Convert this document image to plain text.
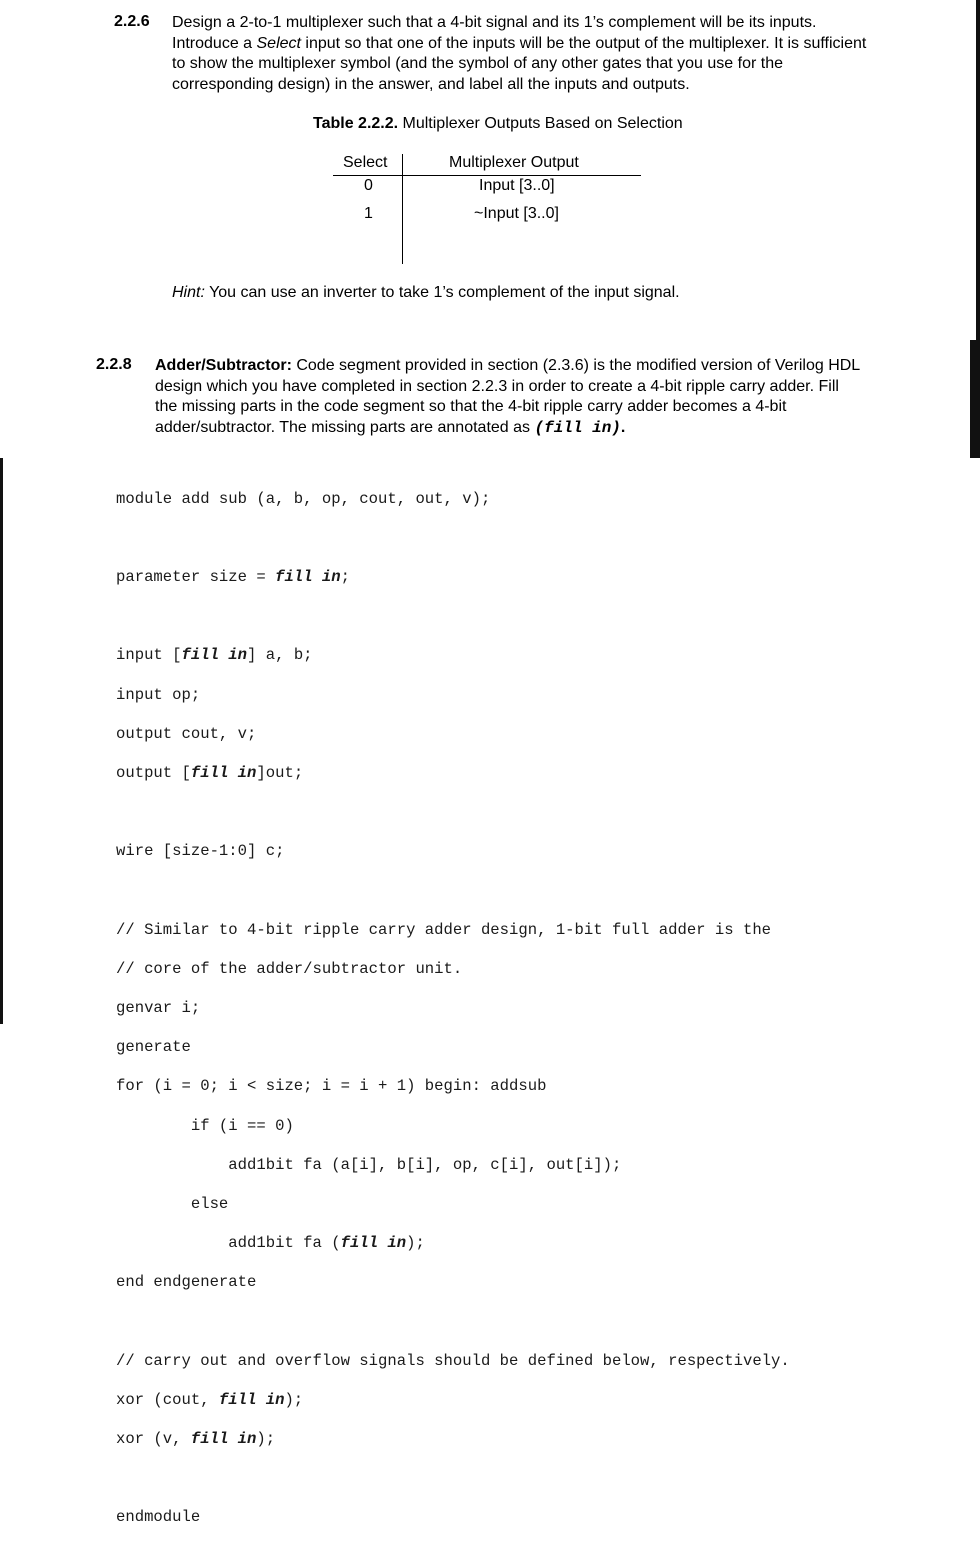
2.2.6 Design a 2-to-1 multiplexer such that a 4-bit signal and its 1’s complement will be its inputs. Introduce a Select input so that one of the inputs will be the output of the multiplexer. It is sufficient to show the multiplexer symbol (and the symbol of any other gates that you use for the corresponding design) in the answer, and label all the inputs and outputs.
Table 2.2.2. Multiplexer Outputs Based on Selection
Select	Multiplexer Output
0	Input [3..0]
1	~Input [3..0]
Hint: You can use an inverter to take 1’s complement of the input signal.
2.2.8 Adder/Subtractor: Code segment provided in section (2.3.6) is the modified version of Verilog HDL design which you have completed in section 2.2.3 in order to create a 4-bit ripple carry adder. Fill the missing parts in the code segment so that the 4-bit ripple carry adder becomes a 4-bit adder/subtractor. The missing parts are annotated as (fill in).

module add sub (a, b, op, cout, out, v);

parameter size = fill in;

input [fill in] a, b;

input op;

output cout, v;

output [fill in]out;

wire [size-1:0] c;

// Similar to 4-bit ripple carry adder design, 1-bit full adder is the

// core of the adder/subtractor unit.

genvar i;

generate

for (i = 0; i < size; i = i + 1) begin: addsub

if (i == 0)

add1bit fa (a[i], b[i], op, c[i], out[i]);

else

add1bit fa (fill in);

end endgenerate

// carry out and overflow signals should be defined below, respectively.

xor (cout, fill in);

xor (v, fill in);

endmodule
